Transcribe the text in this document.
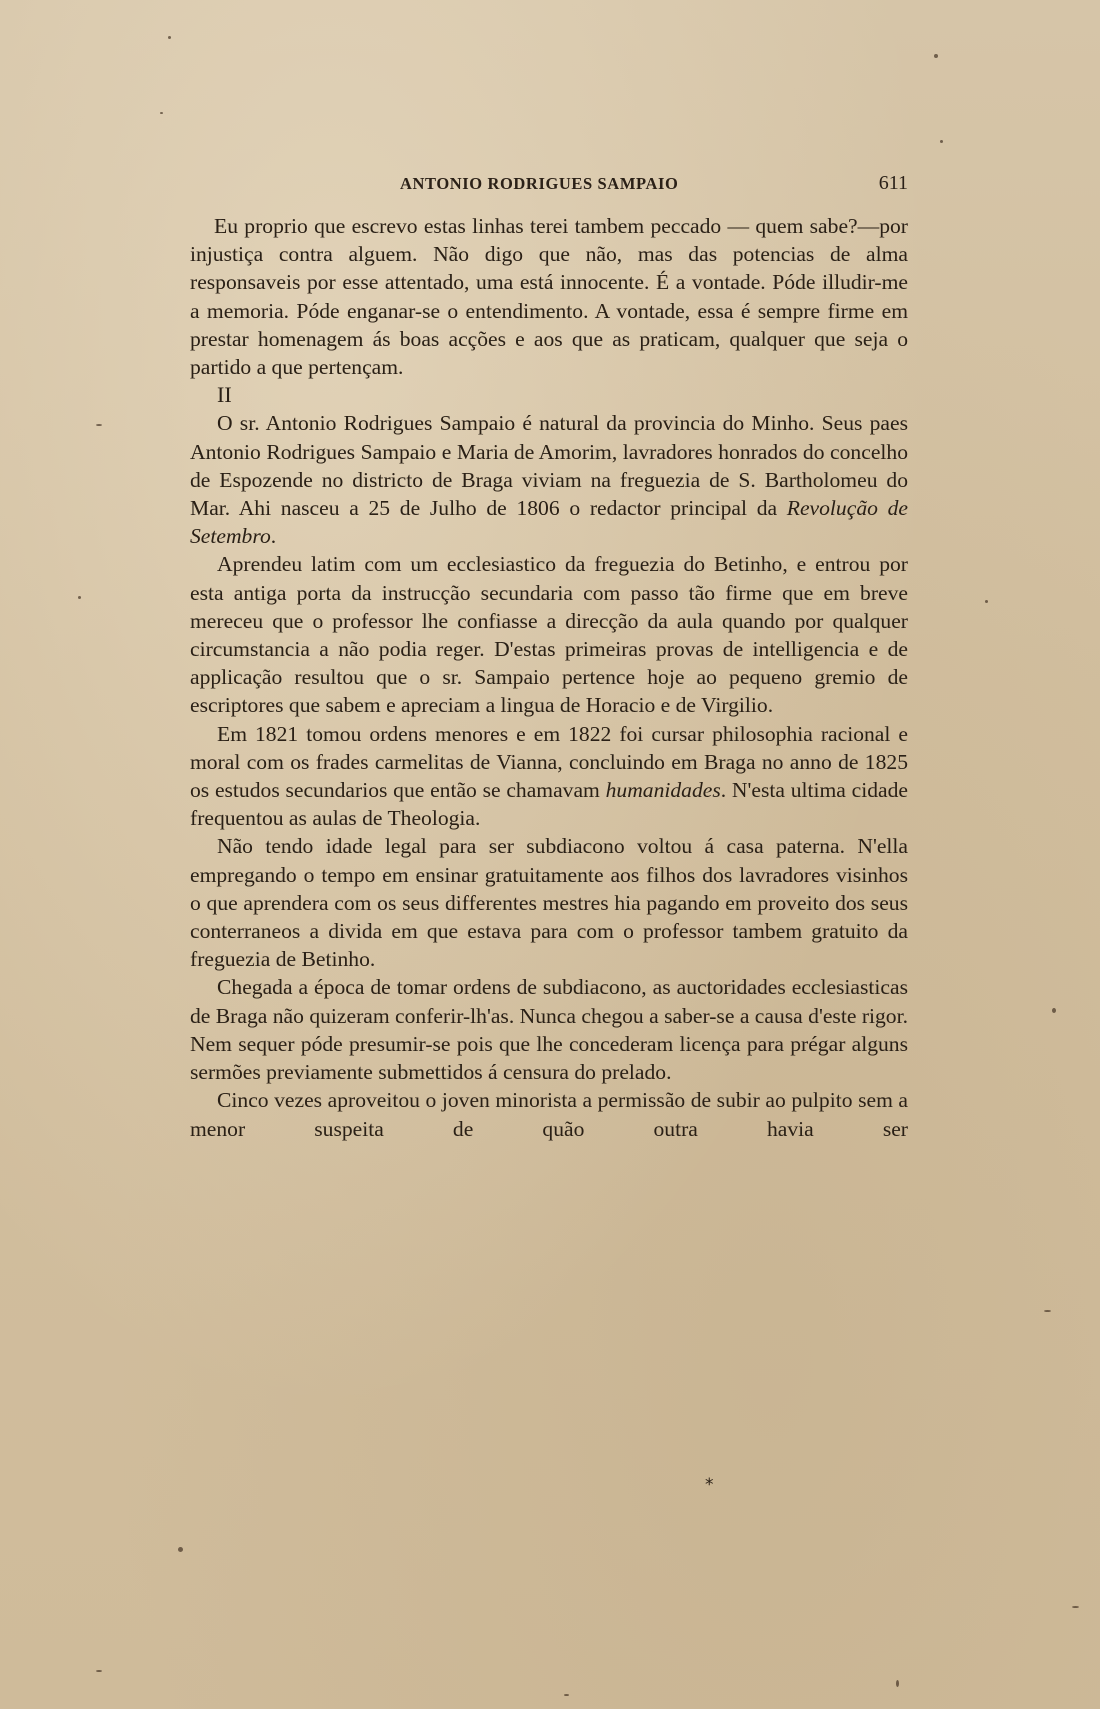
ANTONIO RODRIGUES SAMPAIO	611

Eu proprio que escrevo estas linhas terei tambem peccado — quem sabe?—por injustiça contra alguem. Não digo que não, mas das potencias de alma responsaveis por esse attentado, uma está innocente. É a vontade. Póde illudir-me a memoria. Póde enganar-se o entendimento. A vontade, essa é sempre firme em prestar homenagem ás boas acções e aos que as praticam, qualquer que seja o partido a que pertençam.

II

O sr. Antonio Rodrigues Sampaio é natural da provincia do Minho. Seus paes Antonio Rodrigues Sampaio e Maria de Amorim, lavradores honrados do concelho de Espozende no districto de Braga viviam na freguezia de S. Bartholomeu do Mar. Ahi nasceu a 25 de Julho de 1806 o redactor principal da Revolução de Setembro.

Aprendeu latim com um ecclesiastico da freguezia do Betinho, e entrou por esta antiga porta da instrucção secundaria com passo tão firme que em breve mereceu que o professor lhe confiasse a direcção da aula quando por qualquer circumstancia a não podia reger. D'estas primeiras provas de intelligencia e de applicação resultou que o sr. Sampaio pertence hoje ao pequeno gremio de escriptores que sabem e apreciam a lingua de Horacio e de Virgilio.

Em 1821 tomou ordens menores e em 1822 foi cursar philosophia racional e moral com os frades carmelitas de Vianna, concluindo em Braga no anno de 1825 os estudos secundarios que então se chamavam humanidades. N'esta ultima cidade frequentou as aulas de Theologia.

Não tendo idade legal para ser subdiacono voltou á casa paterna. N'ella empregando o tempo em ensinar gratuitamente aos filhos dos lavradores visinhos o que aprendera com os seus differentes mestres hia pagando em proveito dos seus conterraneos a divida em que estava para com o professor tambem gratuito da freguezia de Betinho.

Chegada a época de tomar ordens de subdiacono, as auctoridades ecclesiasticas de Braga não quizeram conferir-lh'as. Nunca chegou a saber-se a causa d'este rigor. Nem sequer póde presumir-se pois que lhe concederam licença para prégar alguns sermões previamente submettidos á censura do prelado.

Cinco vezes aproveitou o joven minorista a permissão de subir ao pulpito sem a menor suspeita de quão outra havia ser

*
